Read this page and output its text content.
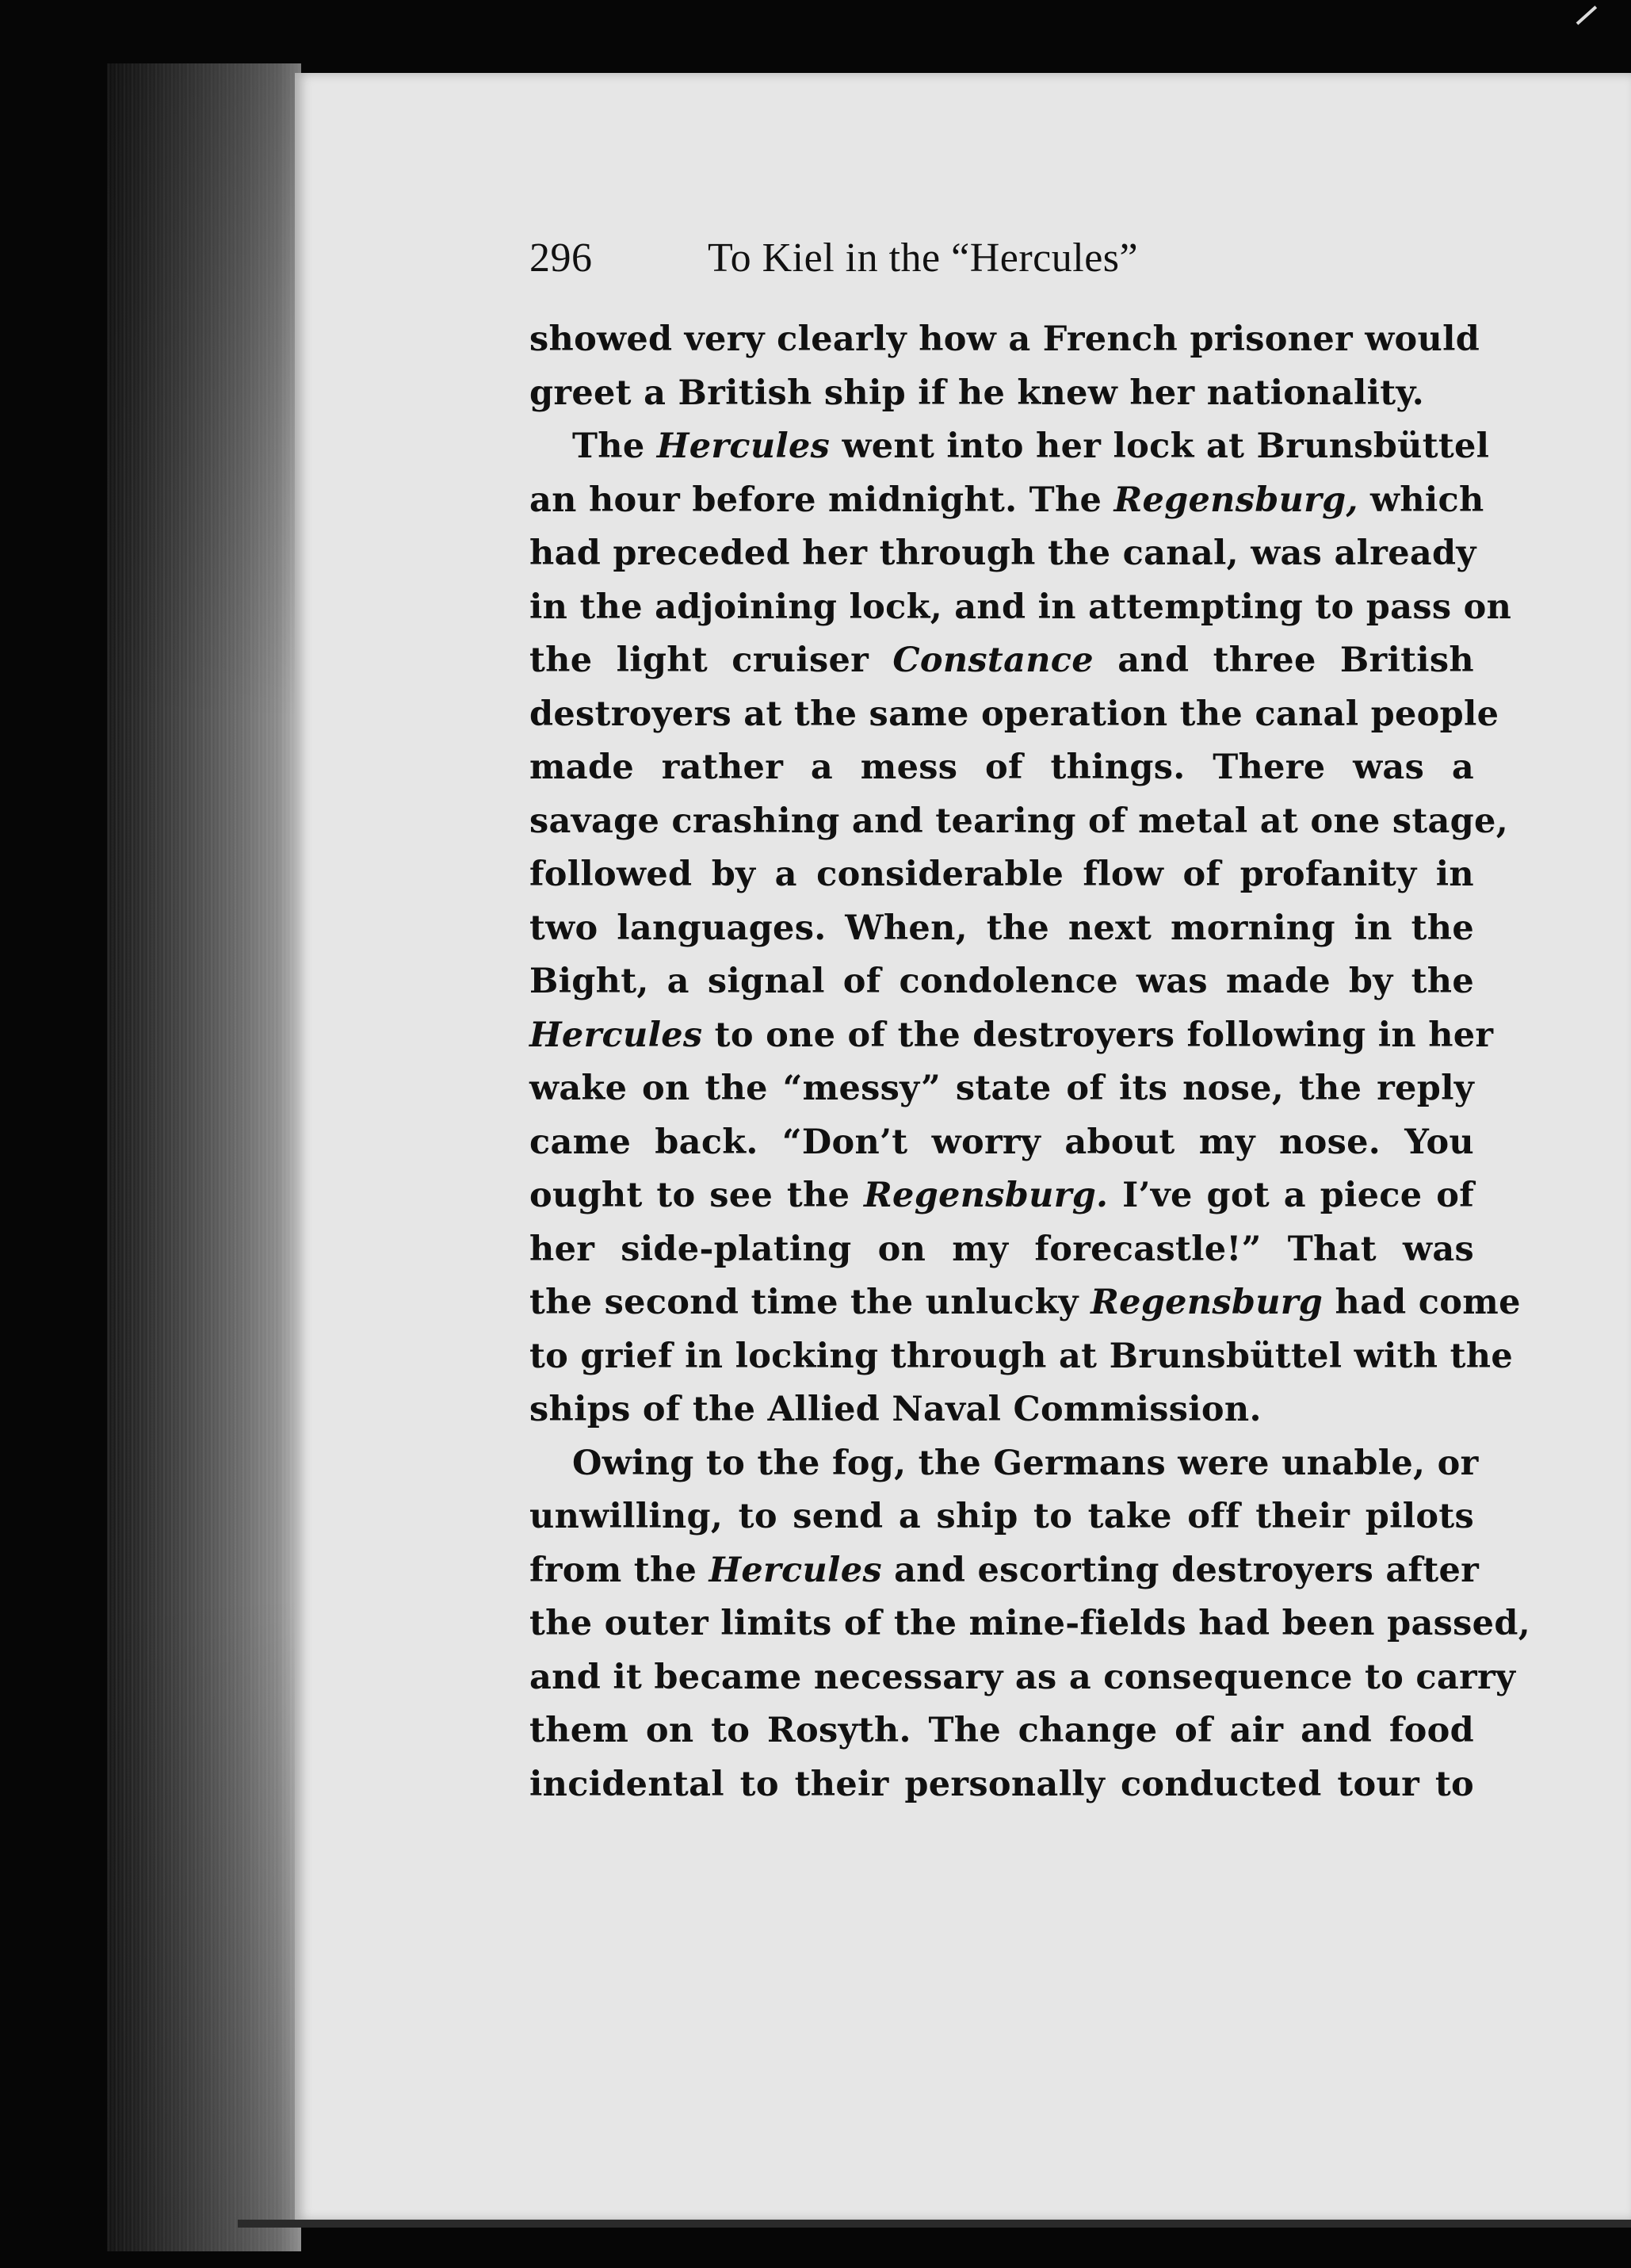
296	To Kiel in the “Hercules”
showed very clearly how a French prisoner would
greet a British ship if he knew her nationality.
The Hercules went into her lock at Brunsbüttel
an hour before midnight. The Regensburg, which
had preceded her through the canal, was already
in the adjoining lock, and in attempting to pass on
the light cruiser Constance and three British
destroyers at the same operation the canal people
made rather a mess of things. There was a
savage crashing and tearing of metal at one stage,
followed by a considerable flow of profanity in
two languages. When, the next morning in the
Bight, a signal of condolence was made by the
Hercules to one of the destroyers following in her
wake on the “messy” state of its nose, the reply
came back. “Don’t worry about my nose. You
ought to see the Regensburg. I’ve got a piece of
her side-plating on my forecastle!” That was
the second time the unlucky Regensburg had come
to grief in locking through at Brunsbüttel with the
ships of the Allied Naval Commission.
Owing to the fog, the Germans were unable, or
unwilling, to send a ship to take off their pilots
from the Hercules and escorting destroyers after
the outer limits of the mine-fields had been passed,
and it became necessary as a consequence to carry
them on to Rosyth. The change of air and food
incidental to their personally conducted tour to
